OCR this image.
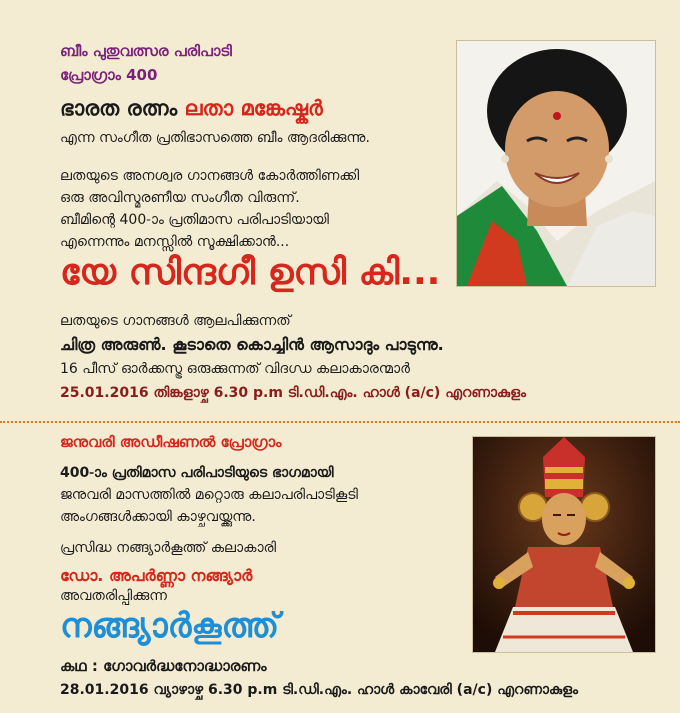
ബീം പുതുവത്സര പരിപാടി
പ്രോഗ്രാം 400
ഭാരത രത്നം ലതാ മങ്കേഷ്കർ
എന്ന സംഗീത പ്രതിഭാസത്തെ ബീം ആദരിക്കുന്നു.
ലതയുടെ അനശ്വര ഗാനങ്ങൾ കോർത്തിണക്കി
ഒരു അവിസ്മരണീയ സംഗീത വിരുന്ന്.
ബീമിന്റെ 400-ാം പ്രതിമാസ പരിപാടിയായി
എന്നെന്നും മനസ്സിൽ സൂക്ഷിക്കാൻ...
യേ സിന്ദഗീ ഉസി കി...
ലതയുടെ ഗാനങ്ങൾ ആലപിക്കുന്നത്
ചിത്ര അരുൺ. കൂടാതെ കൊച്ചിൻ ആസാദും പാടുന്നു.
16 പീസ് ഓർക്കസ്ട്ര ഒരുക്കുന്നത് വിദഗ്ധ കലാകാരന്മാർ
25.01.2016 തിങ്കളാഴ്ച 6.30 p.m ടി.ഡി.എം. ഹാൾ (a/c) എറണാകുളം
ജനുവരി അഡീഷണൽ പ്രോഗ്രാം
400-ാം പ്രതിമാസ പരിപാടിയുടെ ഭാഗമായി
ജനുവരി മാസത്തിൽ മറ്റൊരു കലാപരിപാടികൂടി
അംഗങ്ങൾക്കായി കാഴ്ചവയ്ക്കുന്നു.
പ്രസിദ്ധ നങ്ങ്യാർകൂത്ത് കലാകാരി
ഡോ. അപർണ്ണാ നങ്ങ്യാർ
അവതരിപ്പിക്കുന്ന
നങ്ങ്യാർകൂത്ത്
കഥ : ഗോവർദ്ധനോദ്ധാരണം
28.01.2016 വ്യാഴാഴ്ച 6.30 p.m ടി.ഡി.എം. ഹാൾ കാവേരി (a/c) എറണാകുളം
